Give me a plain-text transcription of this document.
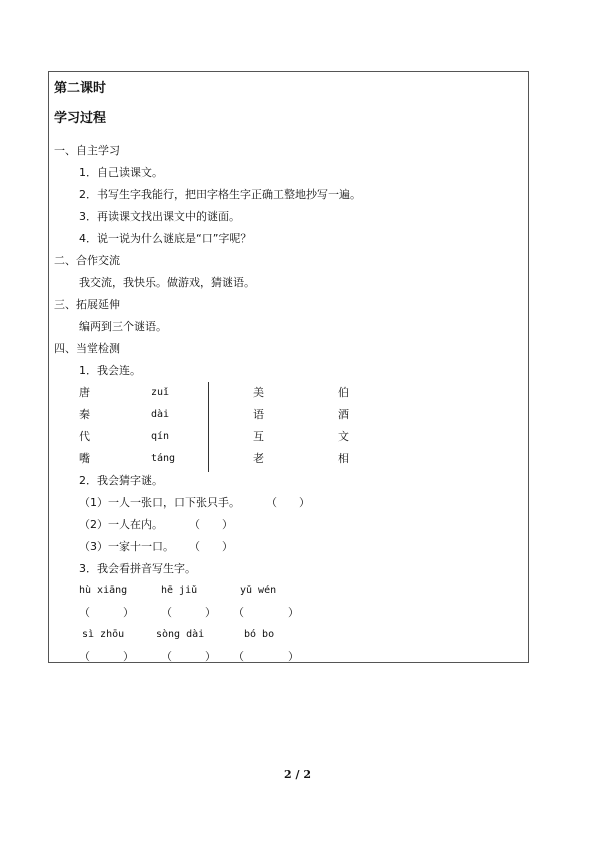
第二课时
学习过程
一、自主学习
1．自己读课文。
2．书写生字我能行，把田字格生字正确工整地抄写一遍。
3．再读课文找出课文中的谜面。
4．说一说为什么谜底是“口”字呢？
二、合作交流
我交流，我快乐。做游戏，猜谜语。
三、拓展延伸
编两到三个谜语。
四、当堂检测
1．我会连。
唐	zuǐ
秦	dài
代	qín
嘴	táng
美	伯
语	酒
互	文
老	相
2．我会猜字谜。
（1）一人一张口，口下张只手。 （　　）
（2）一人在内。 （　　）
（3）一家十一口。 （　　）
3．我会看拼音写生字。
hù xiāng	hē jiǔ	yǔ wén
（　　　） （　　　） （　　　　）
sì zhōu	sòng dài	bó bo
（　　　） （　　　） （　　　　）
2 / 2
